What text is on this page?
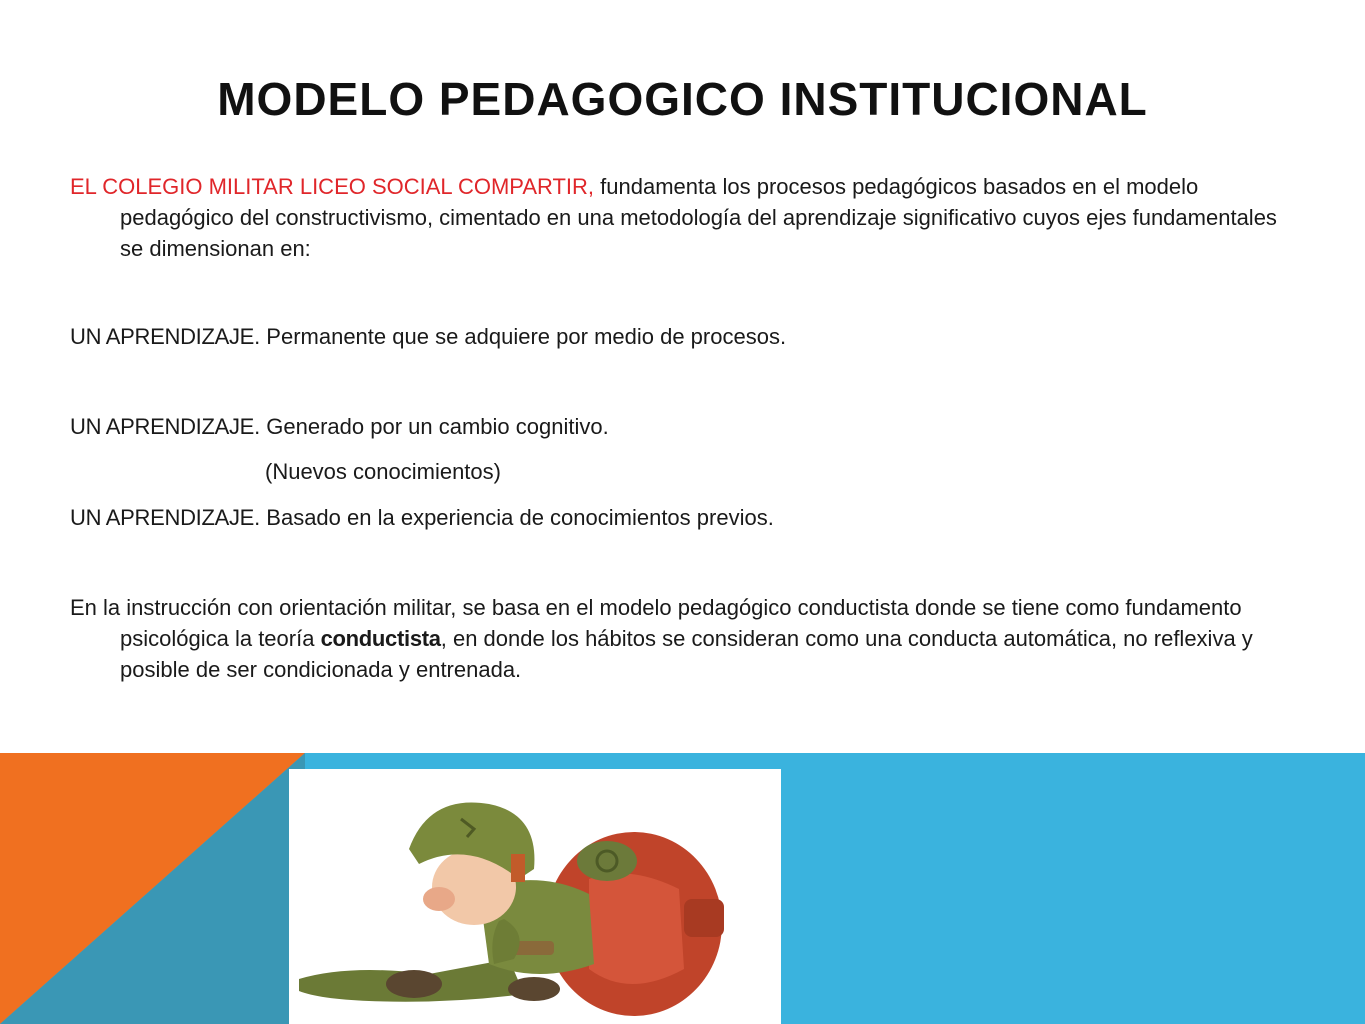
MODELO PEDAGOGICO INSTITUCIONAL

EL COLEGIO MILITAR LICEO SOCIAL COMPARTIR, fundamenta los procesos pedagógicos basados en el modelo pedagógico del constructivismo, cimentado en una metodología del aprendizaje significativo cuyos ejes fundamentales se dimensionan en:

UN APRENDIZAJE. Permanente que se adquiere por medio de procesos.

UN APRENDIZAJE. Generado por un cambio cognitivo.

(Nuevos conocimientos)

UN APRENDIZAJE. Basado en la experiencia de conocimientos previos.

En la instrucción con orientación militar, se basa en el modelo pedagógico conductista donde se tiene como fundamento psicológica la teoría conductista, en donde los hábitos se consideran como una conducta automática, no reflexiva y posible de ser condicionada y entrenada.
